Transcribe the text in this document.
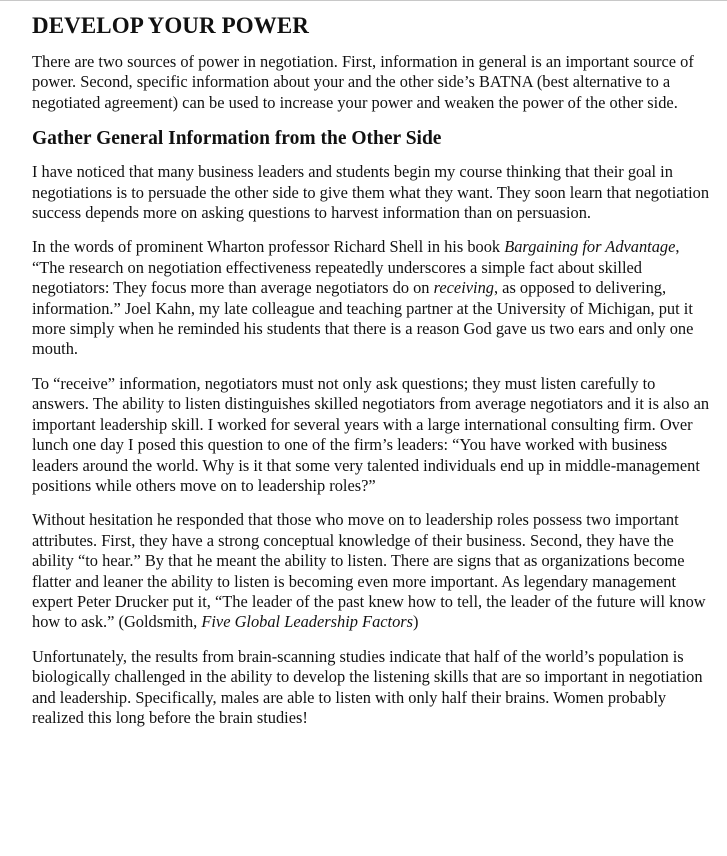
DEVELOP YOUR POWER

There are two sources of power in negotiation. First, information in general is an important source of power. Second, specific information about your and the other side’s BATNA (best alternative to a negotiated agreement) can be used to increase your power and weaken the power of the other side.

Gather General Information from the Other Side

I have noticed that many business leaders and students begin my course thinking that their goal in negotiations is to persuade the other side to give them what they want. They soon learn that negotiation success depends more on asking questions to harvest information than on persuasion.

In the words of prominent Wharton professor Richard Shell in his book Bargaining for Advantage, “The research on negotiation effectiveness repeatedly underscores a simple fact about skilled negotiators: They focus more than average negotiators do on receiving, as opposed to delivering, information.” Joel Kahn, my late colleague and teaching partner at the University of Michigan, put it more simply when he reminded his students that there is a reason God gave us two ears and only one mouth.

To “receive” information, negotiators must not only ask questions; they must listen carefully to answers. The ability to listen distinguishes skilled negotiators from average negotiators and it is also an important leadership skill. I worked for several years with a large international consulting firm. Over lunch one day I posed this question to one of the firm’s leaders: “You have worked with business leaders around the world. Why is it that some very talented individuals end up in middle-management positions while others move on to leadership roles?”

Without hesitation he responded that those who move on to leadership roles possess two important attributes. First, they have a strong conceptual knowledge of their business. Second, they have the ability “to hear.” By that he meant the ability to listen. There are signs that as organizations become flatter and leaner the ability to listen is becoming even more important. As legendary management expert Peter Drucker put it, “The leader of the past knew how to tell, the leader of the future will know how to ask.” (Goldsmith, Five Global Leadership Factors)

Unfortunately, the results from brain-scanning studies indicate that half of the world’s population is biologically challenged in the ability to develop the listening skills that are so important in negotiation and leadership. Specifically, males are able to listen with only half their brains. Women probably realized this long before the brain studies!
